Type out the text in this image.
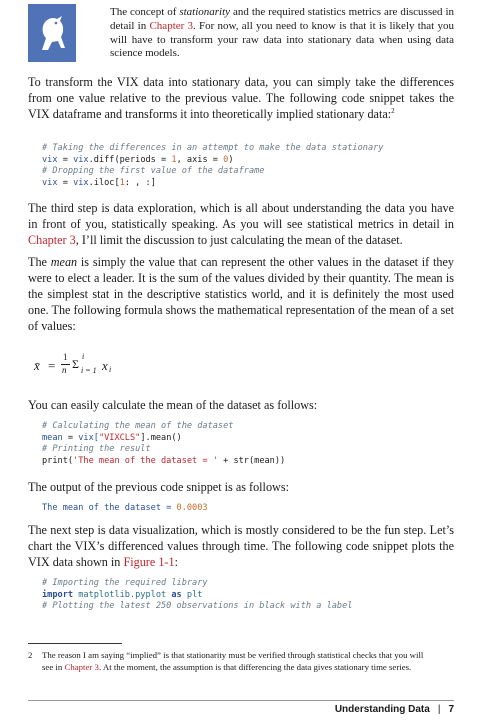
The concept of stationarity and the required statistics metrics are discussed in detail in Chapter 3. For now, all you need to know is that it is likely that you will have to transform your raw data into stationary data when using data science models.

To transform the VIX data into stationary data, you can simply take the differences from one value relative to the previous value. The following code snippet takes the VIX dataframe and transforms it into theoretically implied stationary data:$^2$

# Taking the differences in an attempt to make the data stationary
vix = vix.diff(periods = 1, axis = 0)
# Dropping the first value of the dataframe
vix = vix.iloc[1: , :]

The third step is data exploration, which is all about understanding the data you have in front of you, statistically speaking. As you will see statistical metrics in detail in Chapter 3, I’ll limit the discussion to just calculating the mean of the dataset.

The mean is simply the value that can represent the other values in the dataset if they were to elect a leader. It is the sum of the values divided by their quantity. The mean is the simplest stat in the descriptive statistics world, and it is definitely the most used one. The following formula shows the mathematical representation of the mean of a set of values:

x̄ =
1
n Σ
i
i = 1 x i

You can easily calculate the mean of the dataset as follows:

# Calculating the mean of the dataset
mean = vix["VIXCLS"].mean()
# Printing the result
print('The mean of the dataset = ' + str(mean))

The output of the previous code snippet is as follows:

The mean of the dataset = 0.0003

The next step is data visualization, which is mostly considered to be the fun step. Let’s chart the VIX’s differenced values through time. The following code snippet plots the VIX data shown in Figure 1-1:

# Importing the required library
import matplotlib.pyplot as plt
# Plotting the latest 250 observations in black with a label
2 The reason I am saying “implied” is that stationarity must be verified through statistical checks that you will
see in Chapter 3. At the moment, the assumption is that differencing the data gives stationary time series.
Understanding Data | 7
